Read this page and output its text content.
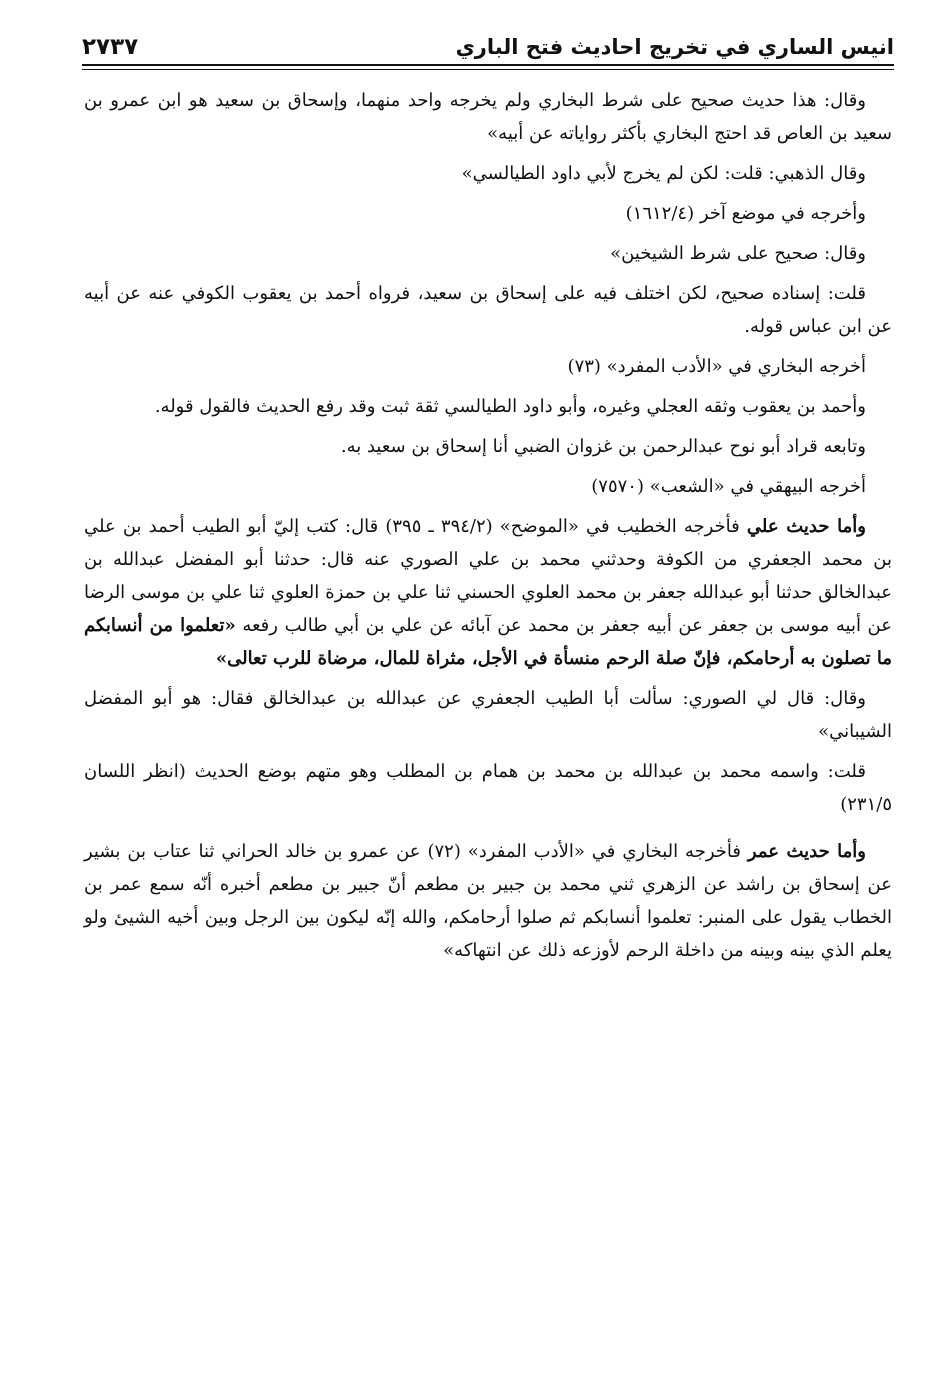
انيس الساري في تخريج احاديث فتح الباري
٢٧٣٧

وقال: هذا حديث صحيح على شرط البخاري ولم يخرجه واحد منهما، وإسحاق بن سعيد هو ابن عمرو بن سعيد بن العاص قد احتج البخاري بأكثر رواياته عن أبيه»

وقال الذهبي: قلت: لكن لم يخرج لأبي داود الطيالسي»

وأخرجه في موضع آخر (١٦١٢/٤)

وقال: صحيح على شرط الشيخين»

قلت: إسناده صحيح، لكن اختلف فيه على إسحاق بن سعيد، فرواه أحمد بن يعقوب الكوفي عنه عن أبيه عن ابن عباس قوله.

أخرجه البخاري في «الأدب المفرد» (٧٣)

وأحمد بن يعقوب وثقه العجلي وغيره، وأبو داود الطيالسي ثقة ثبت وقد رفع الحديث فالقول قوله.

وتابعه قراد أبو نوح عبدالرحمن بن غزوان الضبي أنا إسحاق بن سعيد به.

أخرجه البيهقي في «الشعب» (٧٥٧٠)

وأما حديث علي فأخرجه الخطيب في «الموضح» (٣٩٤/٢ ـ ٣٩٥) قال: كتب إليّ أبو الطيب أحمد بن علي بن محمد الجعفري من الكوفة وحدثني محمد بن علي الصوري عنه قال: حدثنا أبو المفضل عبدالله بن عبدالخالق حدثنا أبو عبدالله جعفر بن محمد العلوي الحسني ثنا علي بن حمزة العلوي ثنا علي بن موسى الرضا عن أبيه موسى بن جعفر عن أبيه جعفر بن محمد عن آبائه عن علي بن أبي طالب رفعه «تعلموا من أنسابكم ما تصلون به أرحامكم، فإنّ صلة الرحم منسأة في الأجل، مثراة للمال، مرضاة للرب تعالى»

وقال: قال لي الصوري: سألت أبا الطيب الجعفري عن عبدالله بن عبدالخالق فقال: هو أبو المفضل الشيباني»

قلت: واسمه محمد بن عبدالله بن محمد بن همام بن المطلب وهو متهم بوضع الحديث (انظر اللسان ٢٣١/٥)

وأما حديث عمر فأخرجه البخاري في «الأدب المفرد» (٧٢) عن عمرو بن خالد الحراني ثنا عتاب بن بشير عن إسحاق بن راشد عن الزهري ثني محمد بن جبير بن مطعم أنّ جبير بن مطعم أخبره أنّه سمع عمر بن الخطاب يقول على المنبر: تعلموا أنسابكم ثم صلوا أرحامكم، والله إنّه ليكون بين الرجل وبين أخيه الشيئ ولو يعلم الذي بينه وبينه من داخلة الرحم لأوزعه ذلك عن انتهاكه»
